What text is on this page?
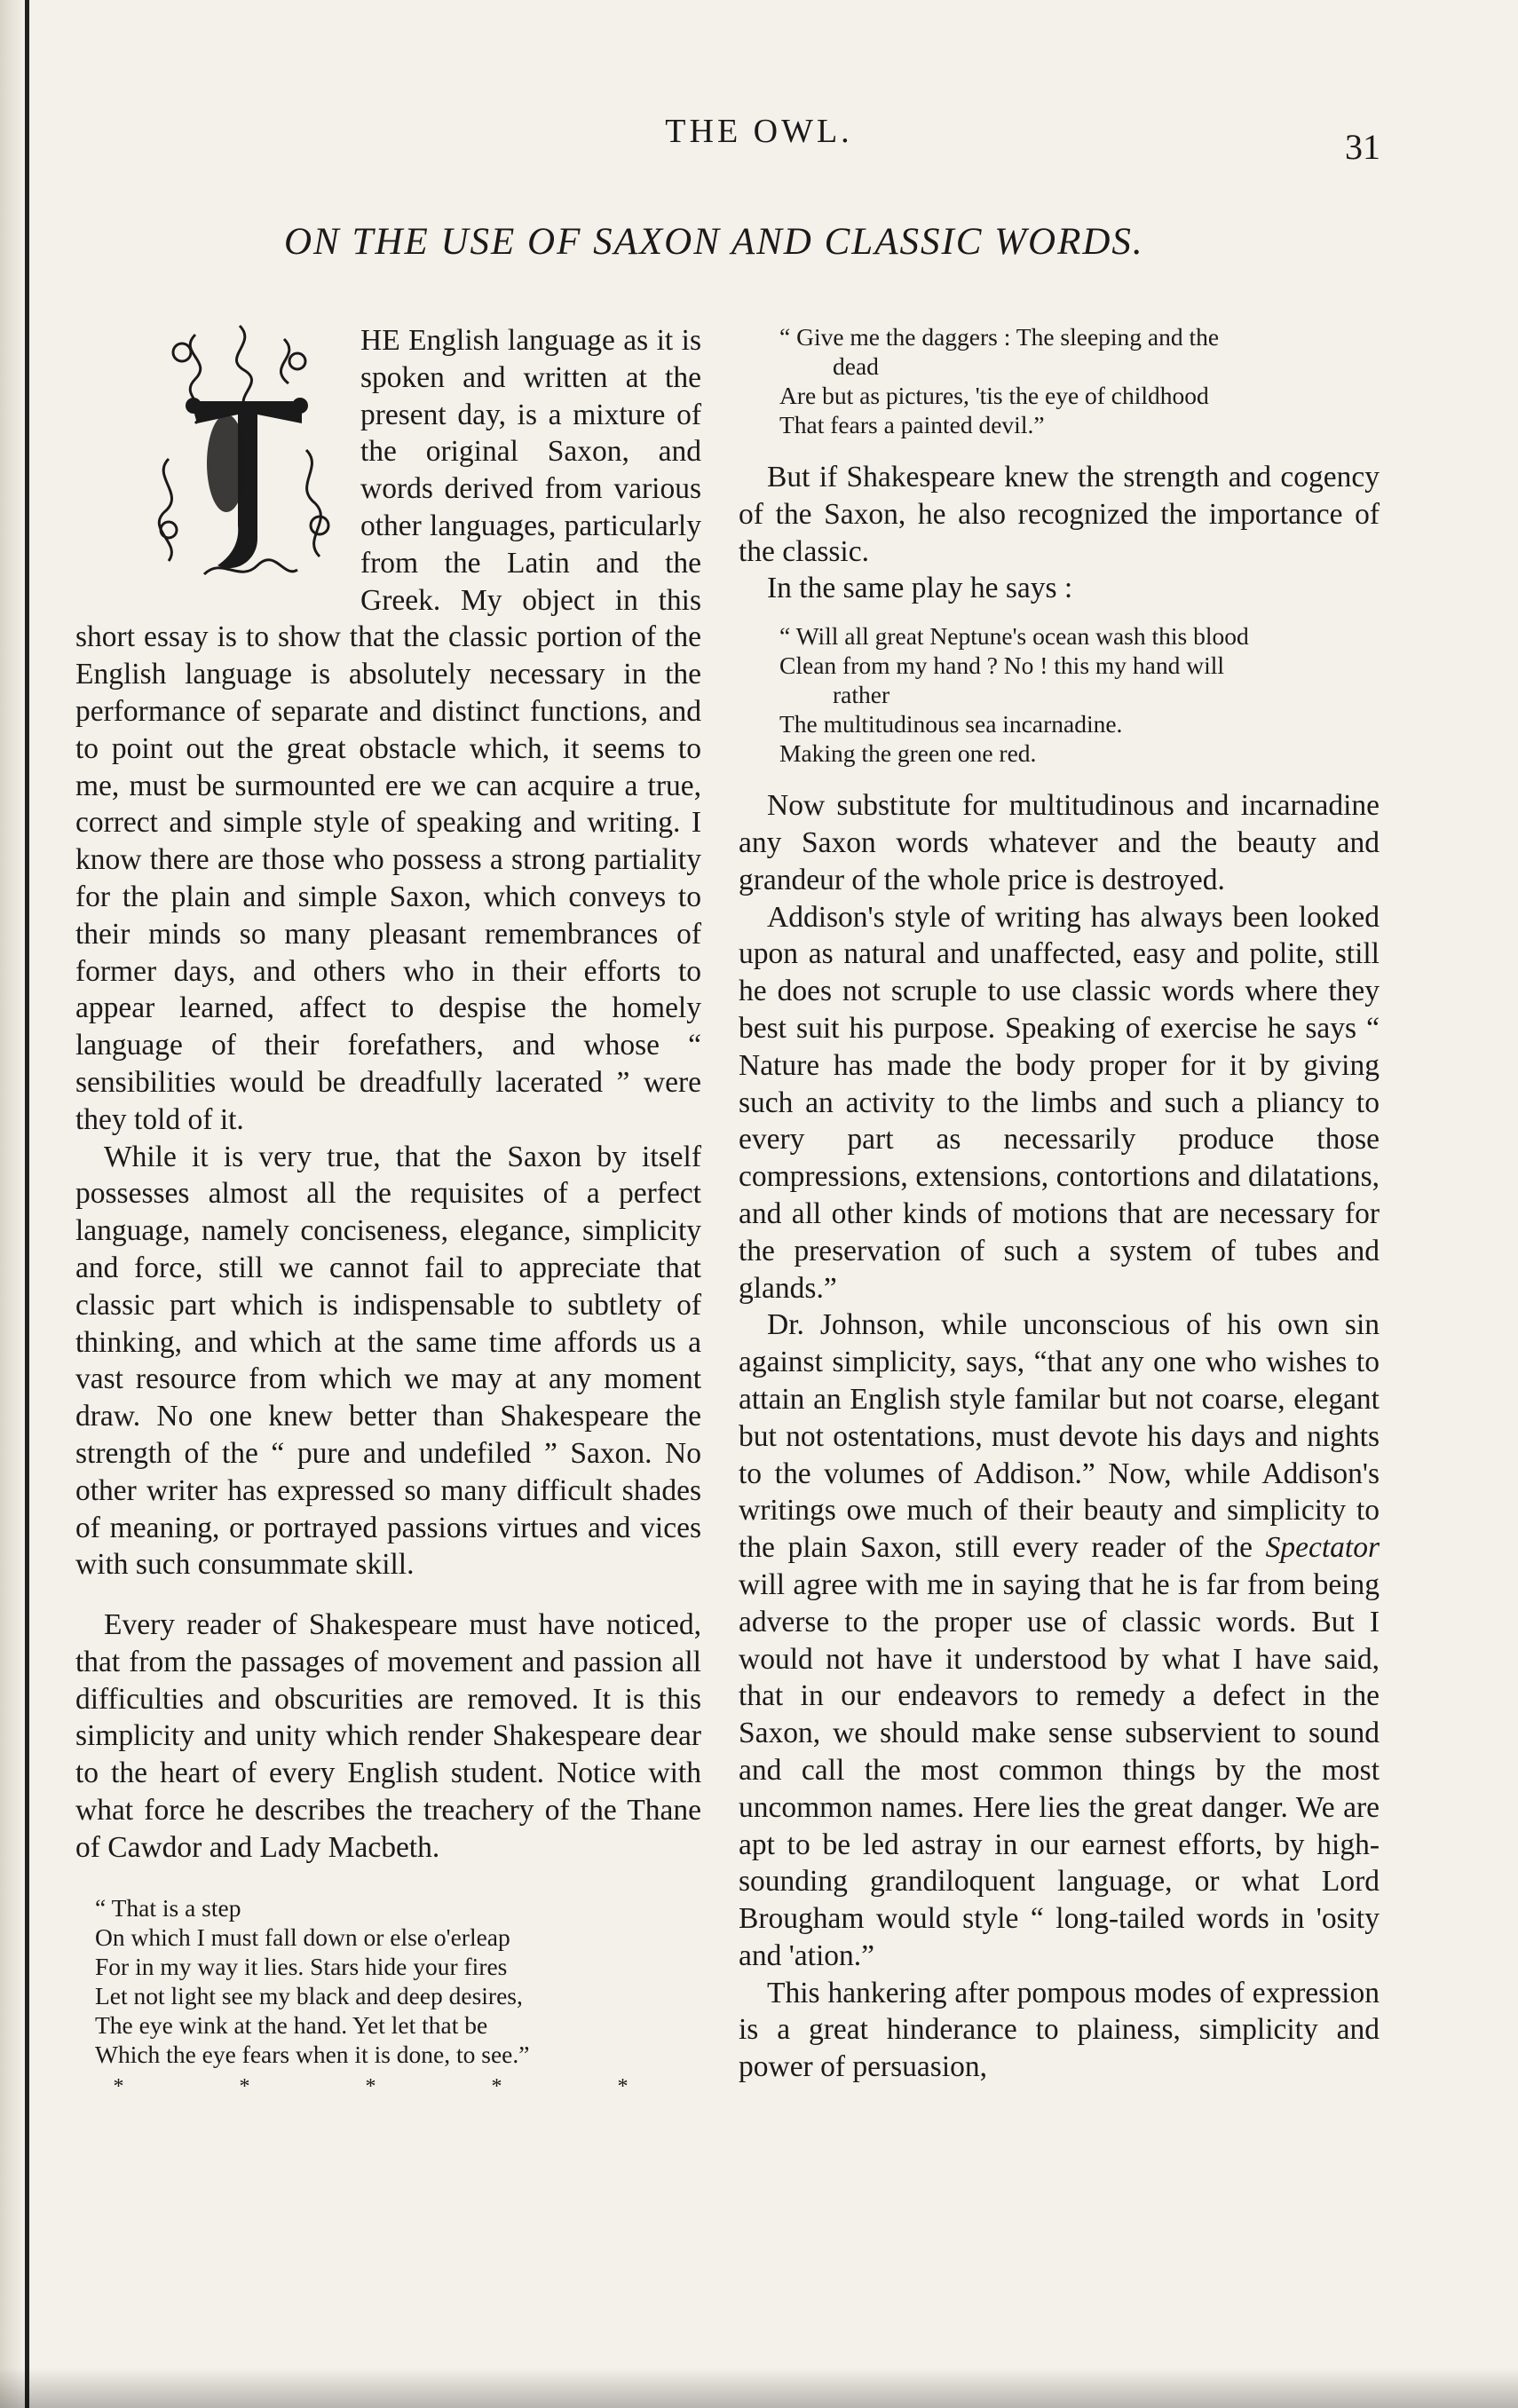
THE OWL.	31
ON THE USE OF SAXON AND CLASSIC WORDS.

HE English language as it is spoken and written at the present day, is a mixture of the original Saxon, and words derived from various other languages, particularly from the Latin and the Greek. My object in this short essay is to show that the classic portion of the English language is absolutely necessary in the performance of separate and distinct functions, and to point out the great obstacle which, it seems to me, must be surmounted ere we can acquire a true, correct and simple style of speaking and writing. I know there are those who possess a strong partiality for the plain and simple Saxon, which conveys to their minds so many pleasant remembrances of former days, and others who in their efforts to appear learned, affect to despise the homely language of their forefathers, and whose “ sensibilities would be dreadfully lacerated ” were they told of it.

While it is very true, that the Saxon by itself possesses almost all the requisites of a perfect language, namely conciseness, elegance, simplicity and force, still we cannot fail to appreciate that classic part which is indispensable to subtlety of thinking, and which at the same time affords us a vast resource from which we may at any moment draw. No one knew better than Shakespeare the strength of the “ pure and undefiled ” Saxon. No other writer has expressed so many difficult shades of meaning, or portrayed passions virtues and vices with such consummate skill.

Every reader of Shakespeare must have noticed, that from the passages of movement and passion all difficulties and obscurities are removed. It is this simplicity and unity which render Shakespeare dear to the heart of every English student. Notice with what force he describes the treachery of the Thane of Cawdor and Lady Macbeth.

“ That is a step
On which I must fall down or else o'erleap
For in my way it lies. Stars hide your fires
Let not light see my black and deep desires,
The eye wink at the hand. Yet let that be
Which the eye fears when it is done, to see.”
* * * * *
“ Give me the daggers : The sleeping and the
dead
Are but as pictures, 'tis the eye of childhood
That fears a painted devil.”

But if Shakespeare knew the strength and cogency of the Saxon, he also recognized the importance of the classic.

In the same play he says :

“ Will all great Neptune's ocean wash this blood
Clean from my hand ? No ! this my hand will
rather
The multitudinous sea incarnadine.
Making the green one red.

Now substitute for multitudinous and incarnadine any Saxon words whatever and the beauty and grandeur of the whole price is destroyed.

Addison's style of writing has always been looked upon as natural and unaffected, easy and polite, still he does not scruple to use classic words where they best suit his purpose. Speaking of exercise he says “ Nature has made the body proper for it by giving such an activity to the limbs and such a pliancy to every part as necessarily produce those compressions, extensions, contortions and dilatations, and all other kinds of motions that are necessary for the preservation of such a system of tubes and glands.”

Dr. Johnson, while unconscious of his own sin against simplicity, says, “that any one who wishes to attain an English style familar but not coarse, elegant but not ostentations, must devote his days and nights to the volumes of Addison.” Now, while Addison's writings owe much of their beauty and simplicity to the plain Saxon, still every reader of the Spectator will agree with me in saying that he is far from being adverse to the proper use of classic words. But I would not have it understood by what I have said, that in our endeavors to remedy a defect in the Saxon, we should make sense subservient to sound and call the most common things by the most uncommon names. Here lies the great danger. We are apt to be led astray in our earnest efforts, by high-sounding grandiloquent language, or what Lord Brougham would style “ long-tailed words in 'osity and 'ation.”

This hankering after pompous modes of expression is a great hinderance to plainess, simplicity and power of persuasion,
